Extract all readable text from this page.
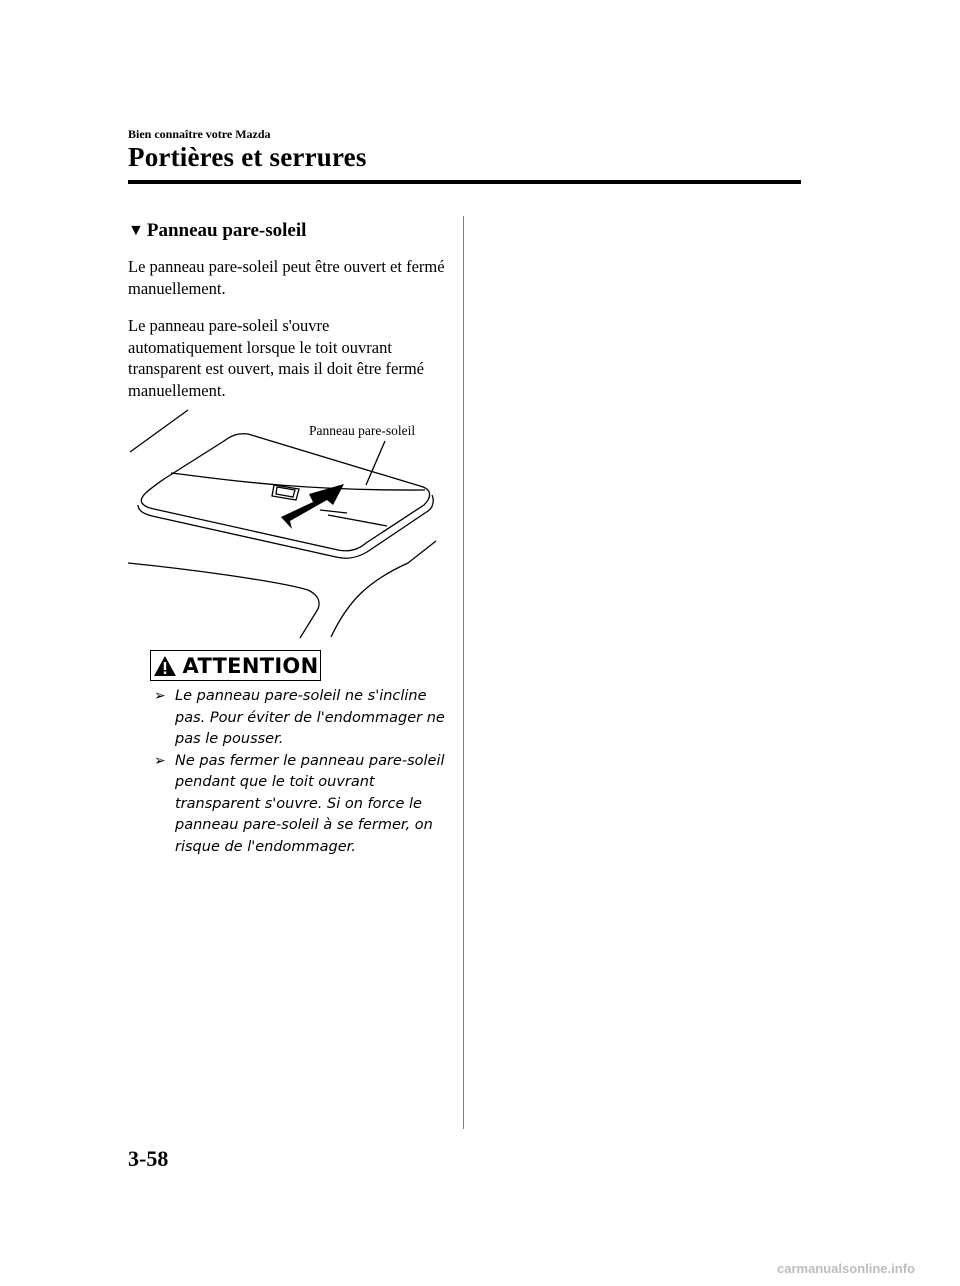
Bien connaître votre Mazda
Portières et serrures
▼ Panneau pare-soleil
Le panneau pare-soleil peut être ouvert et fermé manuellement.
Le panneau pare-soleil s'ouvre automatiquement lorsque le toit ouvrant transparent est ouvert, mais il doit être fermé manuellement.
Panneau pare-soleil
ATTENTION
➢ Le panneau pare-soleil ne s'incline pas. Pour éviter de l'endommager ne pas le pousser.
➢ Ne pas fermer le panneau pare-soleil pendant que le toit ouvrant transparent s'ouvre. Si on force le panneau pare-soleil à se fermer, on risque de l'endommager.
3-58
carmanualsonline.info
